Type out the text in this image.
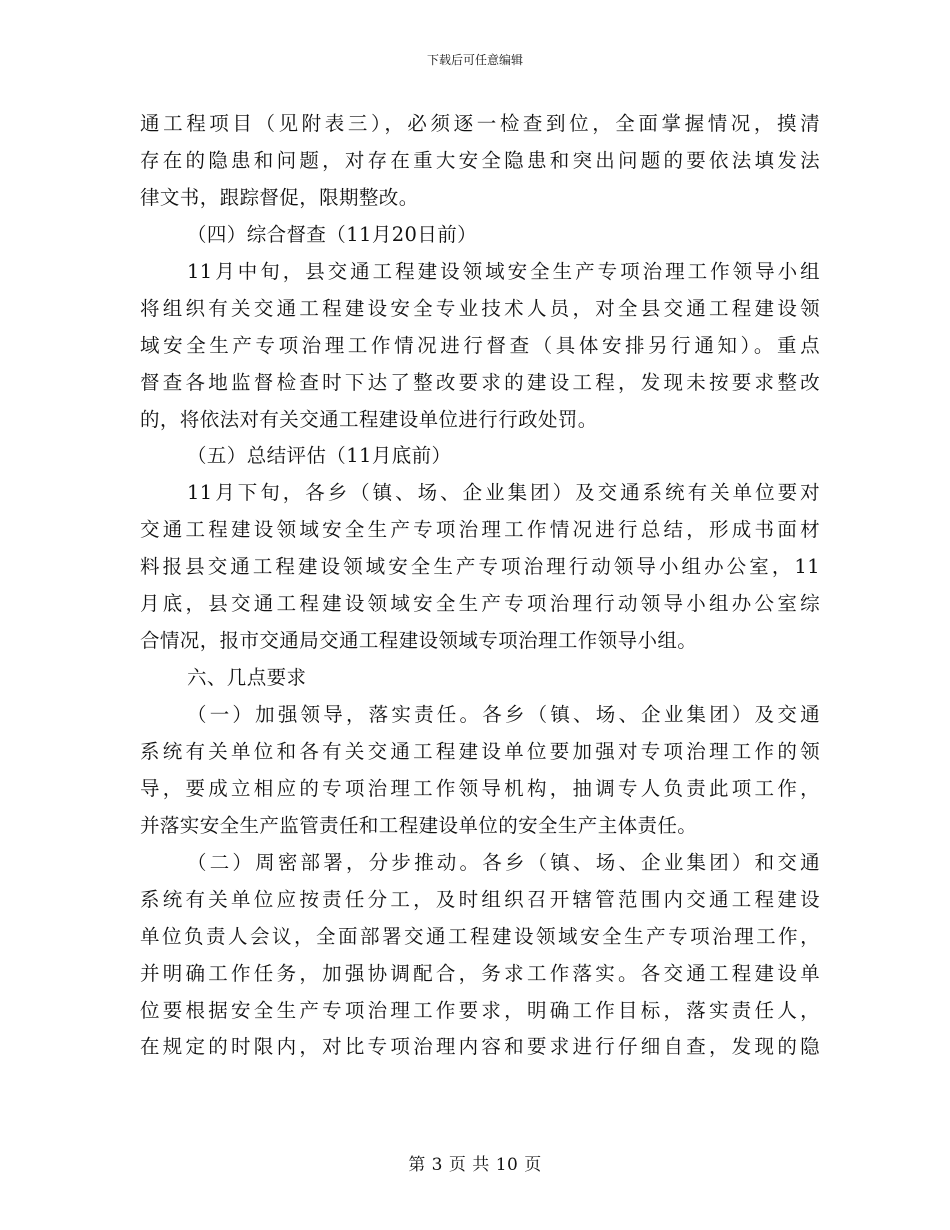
下载后可任意编辑
通工程项目（见附表三），必须逐一检查到位，全面掌握情况，摸清
存在的隐患和问题，对存在重大安全隐患和突出问题的要依法填发法
律文书，跟踪督促，限期整改。
（四）综合督查（11月20日前）
11月中旬，县交通工程建设领域安全生产专项治理工作领导小组
将组织有关交通工程建设安全专业技术人员，对全县交通工程建设领
域安全生产专项治理工作情况进行督查（具体安排另行通知）。重点
督查各地监督检查时下达了整改要求的建设工程，发现未按要求整改
的，将依法对有关交通工程建设单位进行行政处罚。
（五）总结评估（11月底前）
11月下旬，各乡（镇、场、企业集团）及交通系统有关单位要对
交通工程建设领域安全生产专项治理工作情况进行总结，形成书面材
料报县交通工程建设领域安全生产专项治理行动领导小组办公室，11
月底，县交通工程建设领域安全生产专项治理行动领导小组办公室综
合情况，报市交通局交通工程建设领域专项治理工作领导小组。
六、几点要求
（一）加强领导，落实责任。各乡（镇、场、企业集团）及交通
系统有关单位和各有关交通工程建设单位要加强对专项治理工作的领
导，要成立相应的专项治理工作领导机构，抽调专人负责此项工作，
并落实安全生产监管责任和工程建设单位的安全生产主体责任。
（二）周密部署，分步推动。各乡（镇、场、企业集团）和交通
系统有关单位应按责任分工，及时组织召开辖管范围内交通工程建设
单位负责人会议，全面部署交通工程建设领域安全生产专项治理工作，
并明确工作任务，加强协调配合，务求工作落实。各交通工程建设单
位要根据安全生产专项治理工作要求，明确工作目标，落实责任人，
在规定的时限内，对比专项治理内容和要求进行仔细自查，发现的隐
第 3 页 共 10 页
